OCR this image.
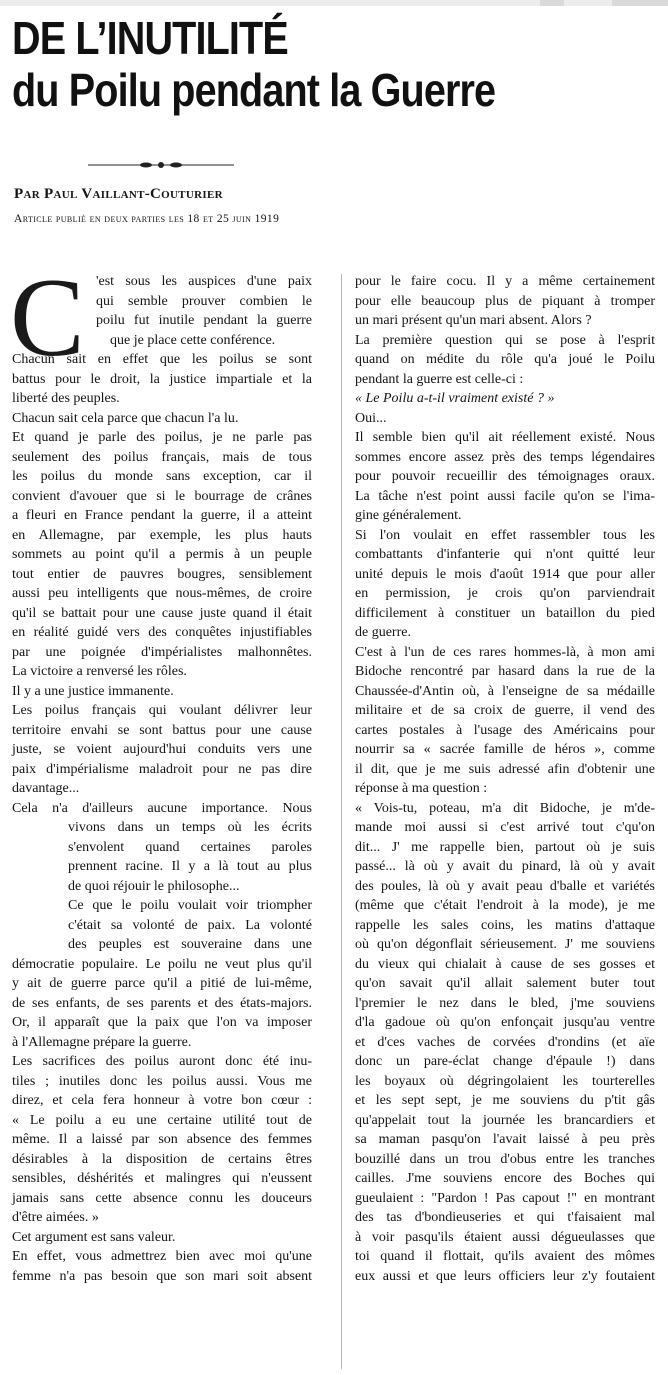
DE L’INUTILITÉ
du Poilu pendant la Guerre

Par Paul Vaillant-Couturier

Article publié en deux parties les 18 et 25 juin 1919

C 'est sous les auspices d'une paix
qui semble prouver combien le
poilu fut inutile pendant la guerre
que je place cette conférence.
Chacun sait en effet que les poilus se sont
battus pour le droit, la justice impartiale et la
liberté des peuples.
Chacun sait cela parce que chacun l'a lu.
Et quand je parle des poilus, je ne parle pas
seulement des poilus français, mais de tous
les poilus du monde sans exception, car il
convient d'avouer que si le bourrage de crânes
a fleuri en France pendant la guerre, il a atteint
en Allemagne, par exemple, les plus hauts
sommets au point qu'il a permis à un peuple
tout entier de pauvres bougres, sensiblement
aussi peu intelligents que nous-mêmes, de croire
qu'il se battait pour une cause juste quand il était
en réalité guidé vers des conquêtes injustifiables
par une poignée d'impérialistes malhonnêtes.
La victoire a renversé les rôles.
Il y a une justice immanente.
Les poilus français qui voulant délivrer leur
territoire envahi se sont battus pour une cause
juste, se voient aujourd'hui conduits vers une
paix d'impérialisme maladroit pour ne pas dire
davantage...
Cela n'a d'ailleurs aucune importance. Nous
vivons dans un temps où les écrits
s'envolent quand certaines paroles
prennent racine. Il y a là tout au plus
de quoi réjouir le philosophe...
Ce que le poilu voulait voir triompher
c'était sa volonté de paix. La volonté
des peuples est souveraine dans une
démocratie populaire. Le poilu ne veut plus qu'il
y ait de guerre parce qu'il a pitié de lui-même,
de ses enfants, de ses parents et des états-majors.
Or, il apparaît que la paix que l'on va imposer
à l'Allemagne prépare la guerre.
Les sacrifices des poilus auront donc été inu-
tiles ; inutiles donc les poilus aussi. Vous me
direz, et cela fera honneur à votre bon cœur :
« Le poilu a eu une certaine utilité tout de
même. Il a laissé par son absence des femmes
désirables à la disposition de certains êtres
sensibles, déshérités et malingres qui n'eussent
jamais sans cette absence connu les douceurs
d'être aimées. »
Cet argument est sans valeur.
En effet, vous admettrez bien avec moi qu'une
femme n'a pas besoin que son mari soit absent
pour le faire cocu. Il y a même certainement
pour elle beaucoup plus de piquant à tromper
un mari présent qu'un mari absent. Alors ?
La première question qui se pose à l'esprit
quand on médite du rôle qu'a joué le Poilu
pendant la guerre est celle-ci :
« Le Poilu a-t-il vraiment existé ? »
Oui...
Il semble bien qu'il ait réellement existé. Nous
sommes encore assez près des temps légendaires
pour pouvoir recueillir des témoignages oraux.
La tâche n'est point aussi facile qu'on se l'ima-
gine généralement.
Si l'on voulait en effet rassembler tous les
combattants d'infanterie qui n'ont quitté leur
unité depuis le mois d'août 1914 que pour aller
en permission, je crois qu'on parviendrait
difficilement à constituer un bataillon du pied
de guerre.
C'est à l'un de ces rares hommes-là, à mon ami
Bidoche rencontré par hasard dans la rue de la
Chaussée-d'Antin où, à l'enseigne de sa médaille
militaire et de sa croix de guerre, il vend des
cartes postales à l'usage des Américains pour
nourrir sa « sacrée famille de héros », comme
il dit, que je me suis adressé afin d'obtenir une
réponse à ma question :
« Vois-tu, poteau, m'a dit Bidoche, je m'de-
mande moi aussi si c'est arrivé tout c'qu'on
dit... J' me rappelle bien, partout où je suis
passé... là où y avait du pinard, là où y avait
des poules, là où y avait peau d'balle et variétés
(même que c'était l'endroit à la mode), je me
rappelle les sales coins, les matins d'attaque
où qu'on dégonflait sérieusement. J' me souviens
du vieux qui chialait à cause de ses gosses et
qu'on savait qu'il allait salement buter tout
l'premier le nez dans le bled, j'me souviens
d'la gadoue où qu'on enfonçait jusqu'au ventre
et d'ces vaches de corvées d'rondins (et aïe
donc un pare-éclat change d'épaule !) dans
les boyaux où dégringolaient les tourterelles
et les sept sept, je me souviens du p'tit gâs
qu'appelait tout la journée les brancardiers et
sa maman pasqu'on l'avait laissé à peu près
bouzillé dans un trou d'obus entre les tranches
cailles. J'me souviens encore des Boches qui
gueulaient : "Pardon ! Pas capout !" en montrant
des tas d'bondieuseries et qui t'faisaient mal
à voir pasqu'ils étaient aussi dégueulasses que
toi quand il flottait, qu'ils avaient des mômes
eux aussi et que leurs officiers leur z'y foutaient
